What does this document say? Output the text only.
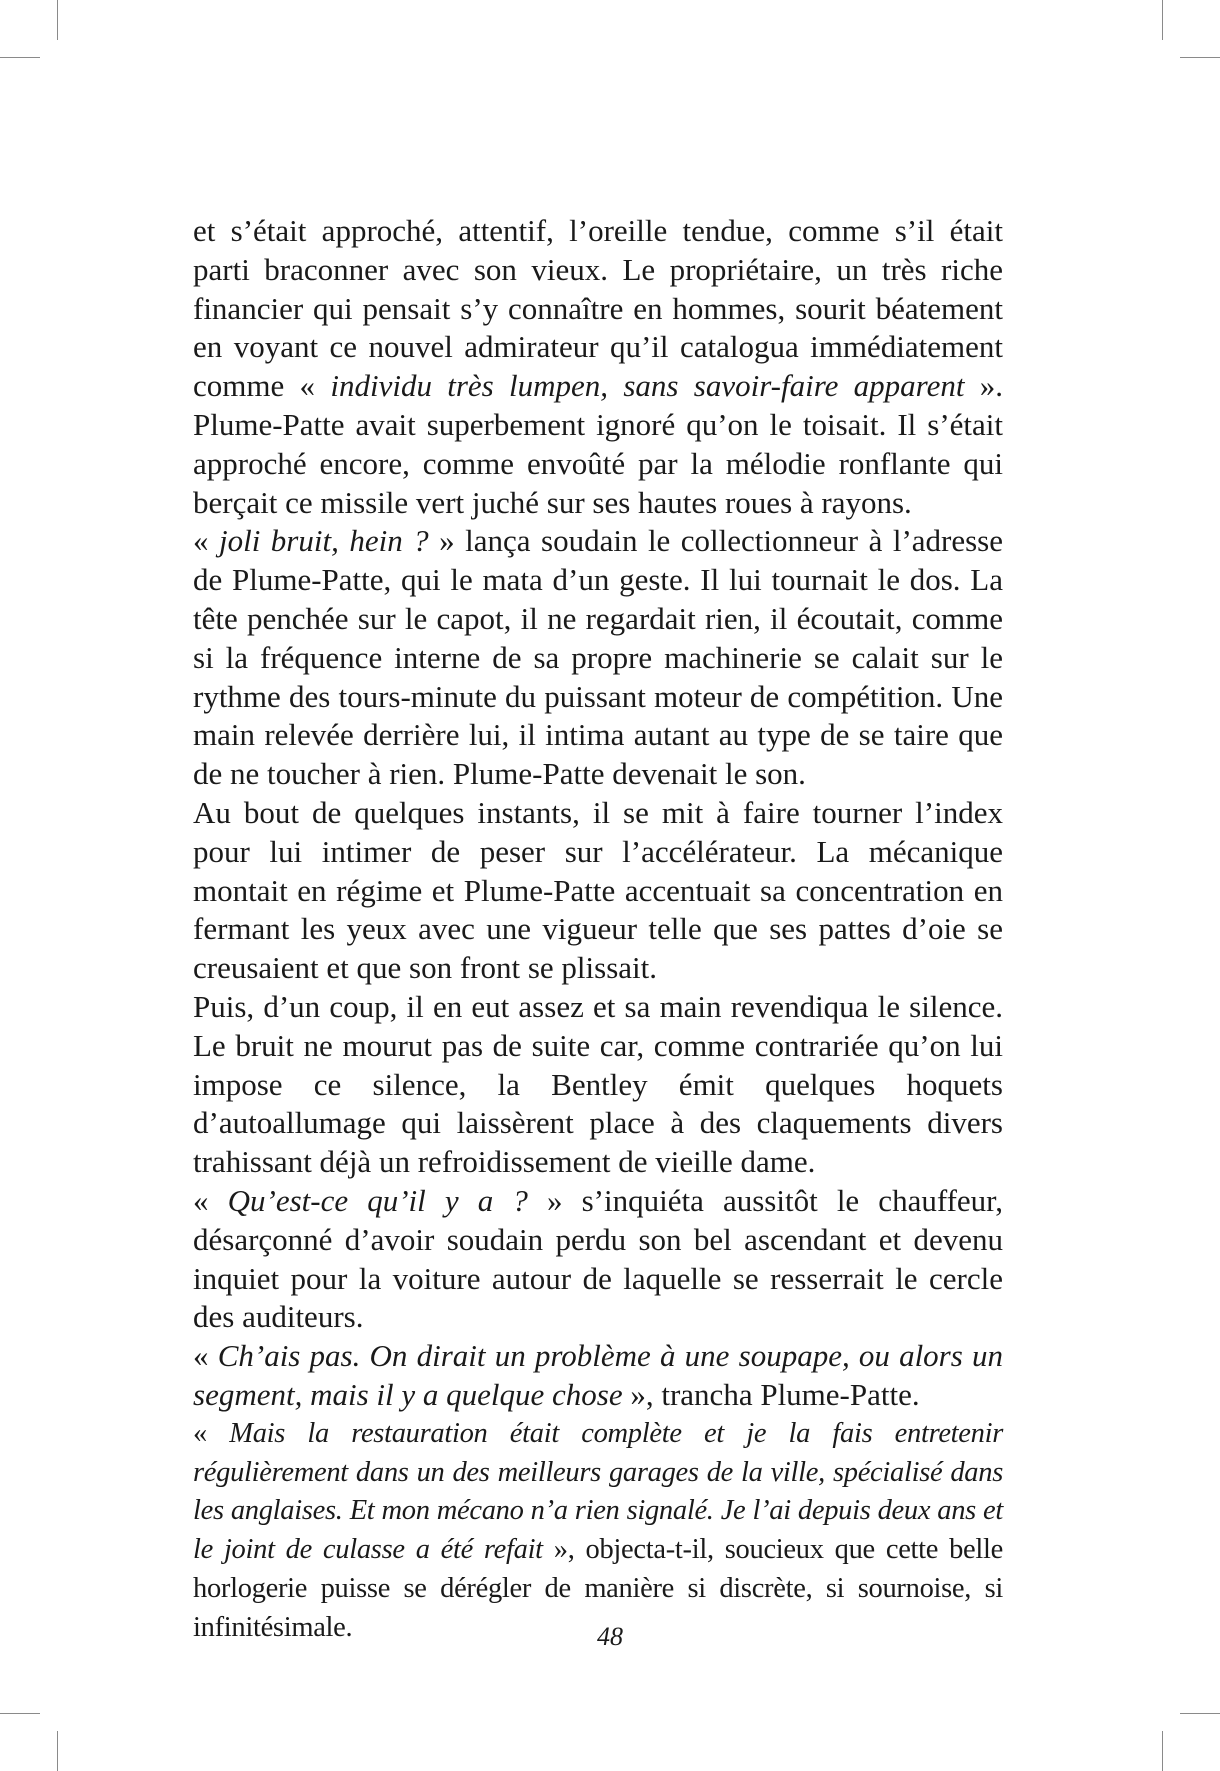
et s’était approché, attentif, l’oreille tendue, comme s’il était parti braconner avec son vieux. Le propriétaire, un très riche financier qui pensait s’y connaître en hommes, sourit béatement en voyant ce nouvel admirateur qu’il catalogua immédiatement comme « individu très lumpen, sans savoir-faire apparent ». Plume-Patte avait superbement ignoré qu’on le toisait. Il s’était approché encore, comme envoûté par la mélodie ronflante qui berçait ce missile vert juché sur ses hautes roues à rayons.

« joli bruit, hein ? » lança soudain le collectionneur à l’adresse de Plume-Patte, qui le mata d’un geste. Il lui tournait le dos. La tête penchée sur le capot, il ne regardait rien, il écoutait, comme si la fréquence interne de sa propre machinerie se calait sur le rythme des tours-minute du puissant moteur de compétition. Une main relevée derrière lui, il intima autant au type de se taire que de ne toucher à rien. Plume-Patte devenait le son.

Au bout de quelques instants, il se mit à faire tourner l’index pour lui intimer de peser sur l’accélérateur. La mécanique montait en régime et Plume-Patte accentuait sa concentration en fermant les yeux avec une vigueur telle que ses pattes d’oie se creusaient et que son front se plissait.

Puis, d’un coup, il en eut assez et sa main revendiqua le silence. Le bruit ne mourut pas de suite car, comme contrariée qu’on lui impose ce silence, la Bentley émit quelques hoquets d’autoallumage qui laissèrent place à des claquements divers trahissant déjà un refroidissement de vieille dame.

« Qu’est-ce qu’il y a ? » s’inquiéta aussitôt le chauffeur, désarçonné d’avoir soudain perdu son bel ascendant et devenu inquiet pour la voiture autour de laquelle se resserrait le cercle des auditeurs.

« Ch’ais pas. On dirait un problème à une soupape, ou alors un segment, mais il y a quelque chose », trancha Plume-Patte.

« Mais la restauration était complète et je la fais entretenir régulièrement dans un des meilleurs garages de la ville, spécialisé dans les anglaises. Et mon mécano n’a rien signalé. Je l’ai depuis deux ans et le joint de culasse a été refait », objecta-t-il, soucieux que cette belle horlogerie puisse se dérégler de manière si discrète, si sournoise, si infinitésimale.	48
